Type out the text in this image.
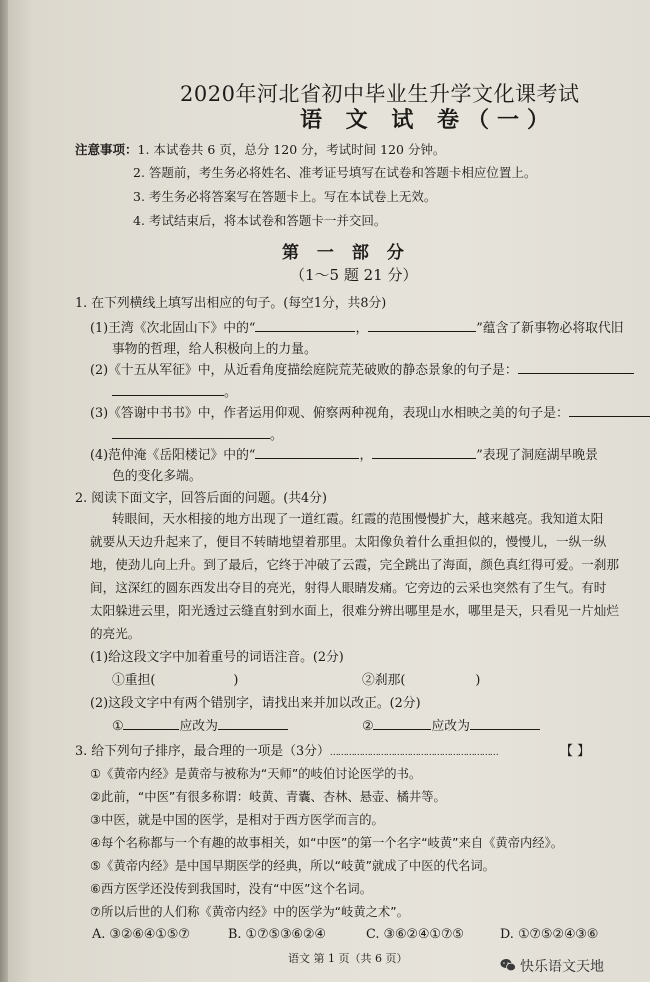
2020年河北省初中毕业生升学文化课考试
语 文 试 卷（一）
注意事项：1. 本试卷共 6 页，总分 120 分，考试时间 120 分钟。
2. 答题前，考生务必将姓名、准考证号填写在试卷和答题卡相应位置上。
3. 考生务必将答案写在答题卡上。写在本试卷上无效。
4. 考试结束后，将本试卷和答题卡一并交回。
第 一 部 分
（1～5 题 21 分）
1. 在下列横线上填写出相应的句子。(每空1分，共8分)
(1)王湾《次北固山下》中的“	，	”蕴含了新事物必将取代旧
事物的哲理，给人积极向上的力量。
(2)《十五从军征》中，从近看角度描绘庭院荒芜破败的静态景象的句子是：
。
(3)《答谢中书书》中，作者运用仰观、俯察两种视角，表现山水相映之美的句子是：
。
(4)范仲淹《岳阳楼记》中的“	，	”表现了洞庭湖早晚景
色的变化多端。
2. 阅读下面文字，回答后面的问题。(共4分)
转眼间，天水相接的地方出现了一道红霞。红霞的范围慢慢扩大，越来越亮。我知道太阳
就要从天边升起来了，便目不转睛地望着那里。太阳像负着什么重担似的，慢慢儿，一纵一纵
地，使劲儿向上升。到了最后，它终于冲破了云霞，完全跳出了海面，颜色真红得可爱。一刹那
间，这深红的圆东西发出夺目的亮光，射得人眼睛发痛。它旁边的云采也突然有了生气。有时
太阳躲进云里，阳光透过云缝直射到水面上，很难分辨出哪里是水，哪里是天，只看见一片灿烂
的亮光。
(1)给这段文字中加着重号的词语注音。(2分)
①重担(	)	②刹那(	)
(2)这段文字中有两个错别字，请找出来并加以改正。(2分)
①	应改为	②	应改为
3. 给下列句子排序，最合理的一项是（3分）………………………………………………………	【 】
①《黄帝内经》是黄帝与被称为“天师”的岐伯讨论医学的书。
②此前，“中医”有很多称谓：岐黄、青囊、杏林、悬壶、橘井等。
③中医，就是中国的医学，是相对于西方医学而言的。
④每个名称都与一个有趣的故事相关，如“中医”的第一个名字“岐黄”来自《黄帝内经》。
⑤《黄帝内经》是中国早期医学的经典，所以“岐黄”就成了中医的代名词。
⑥西方医学还没传到我国时，没有“中医”这个名词。
⑦所以后世的人们称《黄帝内经》中的医学为“岐黄之术”。
A. ③②⑥④①⑤⑦	B. ①⑦⑤③⑥②④	C. ③⑥②④①⑦⑤	D. ①⑦⑤②④③⑥
语文 第 1 页（共 6 页）
快乐语文天地
